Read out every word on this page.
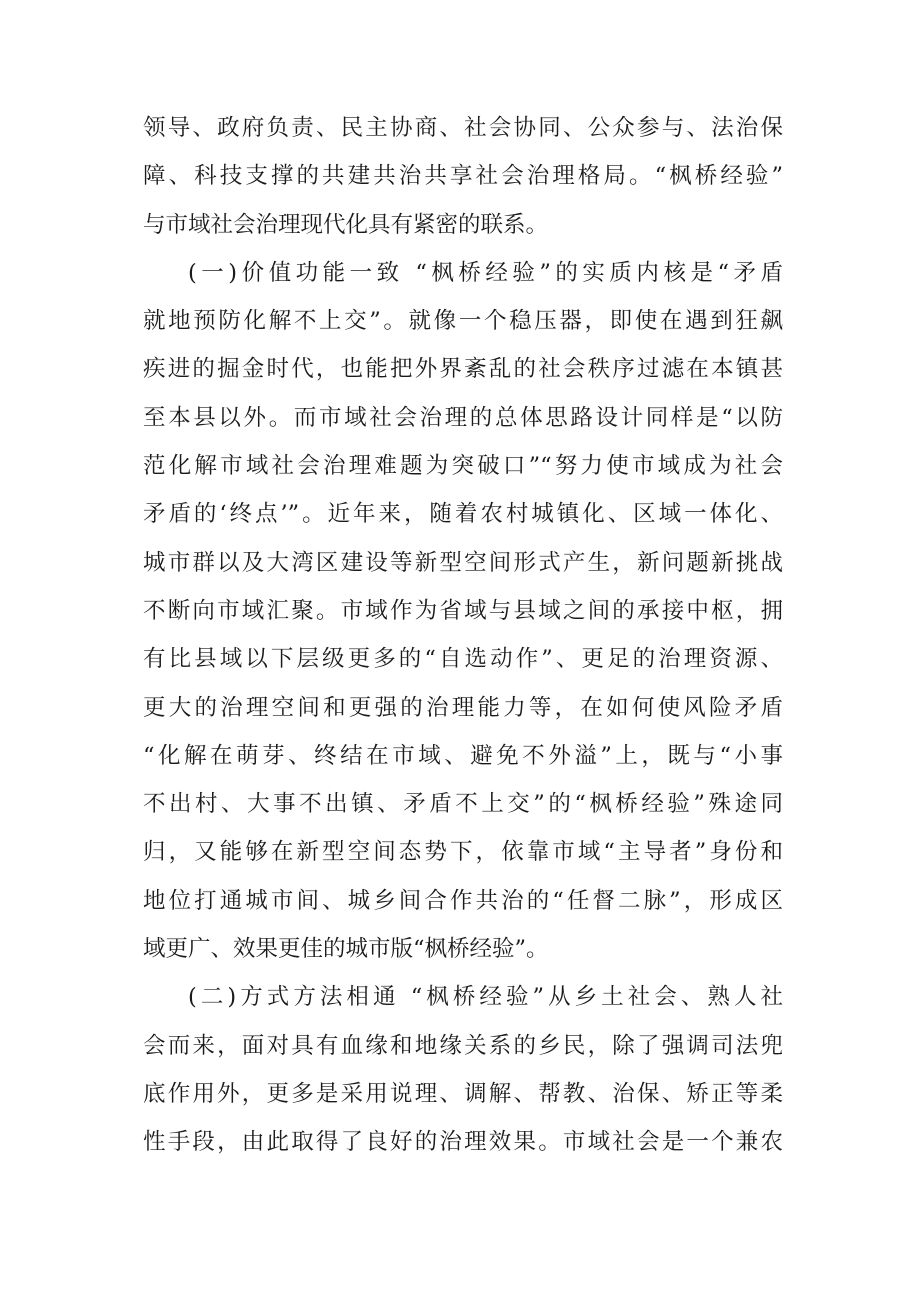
领导、政府负责、民主协商、社会协同、公众参与、法治保
障、科技支撑的共建共治共享社会治理格局。“枫桥经验”
与市域社会治理现代化具有紧密的联系。
(一)价值功能一致 “枫桥经验”的实质内核是“矛盾
就地预防化解不上交”。就像一个稳压器，即使在遇到狂飙
疾进的掘金时代，也能把外界紊乱的社会秩序过滤在本镇甚
至本县以外。而市域社会治理的总体思路设计同样是“以防
范化解市域社会治理难题为突破口”“努力使市域成为社会
矛盾的‘终点’”。近年来，随着农村城镇化、区域一体化、
城市群以及大湾区建设等新型空间形式产生，新问题新挑战
不断向市域汇聚。市域作为省域与县域之间的承接中枢，拥
有比县域以下层级更多的“自选动作”、更足的治理资源、
更大的治理空间和更强的治理能力等，在如何使风险矛盾
“化解在萌芽、终结在市域、避免不外溢”上，既与“小事
不出村、大事不出镇、矛盾不上交”的“枫桥经验”殊途同
归，又能够在新型空间态势下，依靠市域“主导者”身份和
地位打通城市间、城乡间合作共治的“任督二脉”，形成区
域更广、效果更佳的城市版“枫桥经验”。
(二)方式方法相通 “枫桥经验”从乡土社会、熟人社
会而来，面对具有血缘和地缘关系的乡民，除了强调司法兜
底作用外，更多是采用说理、调解、帮教、治保、矫正等柔
性手段，由此取得了良好的治理效果。市域社会是一个兼农
